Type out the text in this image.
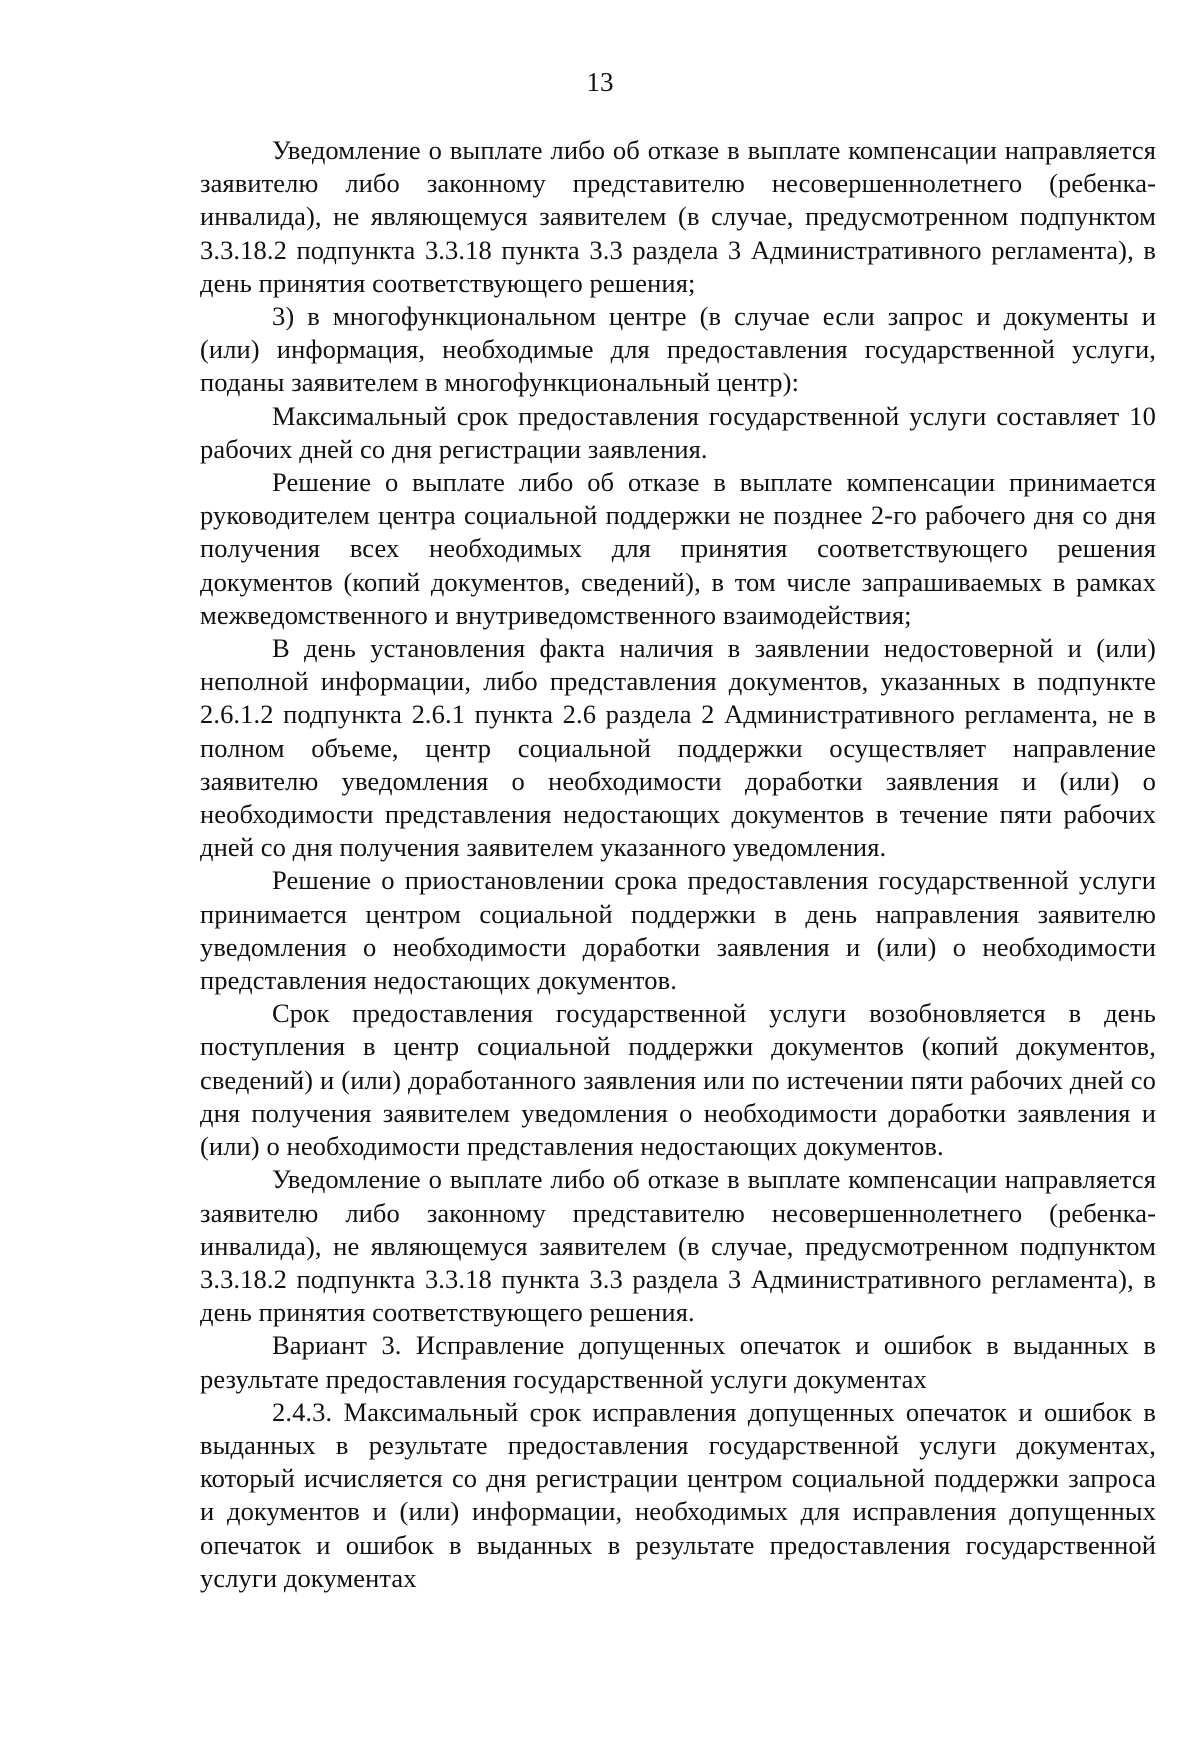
13

Уведомление о выплате либо об отказе в выплате компенсации направляется заявителю либо законному представителю несовершеннолетнего (ребенка-инвалида), не являющемуся заявителем (в случае, предусмотренном подпунктом 3.3.18.2 подпункта 3.3.18 пункта 3.3 раздела 3 Административного регламента), в день принятия соответствующего решения;

3) в многофункциональном центре (в случае если запрос и документы и (или) информация, необходимые для предоставления государственной услуги, поданы заявителем в многофункциональный центр):

Максимальный срок предоставления государственной услуги составляет 10 рабочих дней со дня регистрации заявления.

Решение о выплате либо об отказе в выплате компенсации принимается руководителем центра социальной поддержки не позднее 2-го рабочего дня со дня получения всех необходимых для принятия соответствующего решения документов (копий документов, сведений), в том числе запрашиваемых в рамках межведомственного и внутриведомственного взаимодействия;

В день установления факта наличия в заявлении недостоверной и (или) неполной информации, либо представления документов, указанных в подпункте 2.6.1.2 подпункта 2.6.1 пункта 2.6 раздела 2 Административного регламента, не в полном объеме, центр социальной поддержки осуществляет направление заявителю уведомления о необходимости доработки заявления и (или) о необходимости представления недостающих документов в течение пяти рабочих дней со дня получения заявителем указанного уведомления.

Решение о приостановлении срока предоставления государственной услуги принимается центром социальной поддержки в день направления заявителю уведомления о необходимости доработки заявления и (или) о необходимости представления недостающих документов.

Срок предоставления государственной услуги возобновляется в день поступления в центр социальной поддержки документов (копий документов, сведений) и (или) доработанного заявления или по истечении пяти рабочих дней со дня получения заявителем уведомления о необходимости доработки заявления и (или) о необходимости представления недостающих документов.

Уведомление о выплате либо об отказе в выплате компенсации направляется заявителю либо законному представителю несовершеннолетнего (ребенка-инвалида), не являющемуся заявителем (в случае, предусмотренном подпунктом 3.3.18.2 подпункта 3.3.18 пункта 3.3 раздела 3 Административного регламента), в день принятия соответствующего решения.

Вариант 3. Исправление допущенных опечаток и ошибок в выданных в результате предоставления государственной услуги документах

2.4.3. Максимальный срок исправления допущенных опечаток и ошибок в выданных в результате предоставления государственной услуги документах, который исчисляется со дня регистрации центром социальной поддержки запроса и документов и (или) информации, необходимых для исправления допущенных опечаток и ошибок в выданных в результате предоставления государственной услуги документах
